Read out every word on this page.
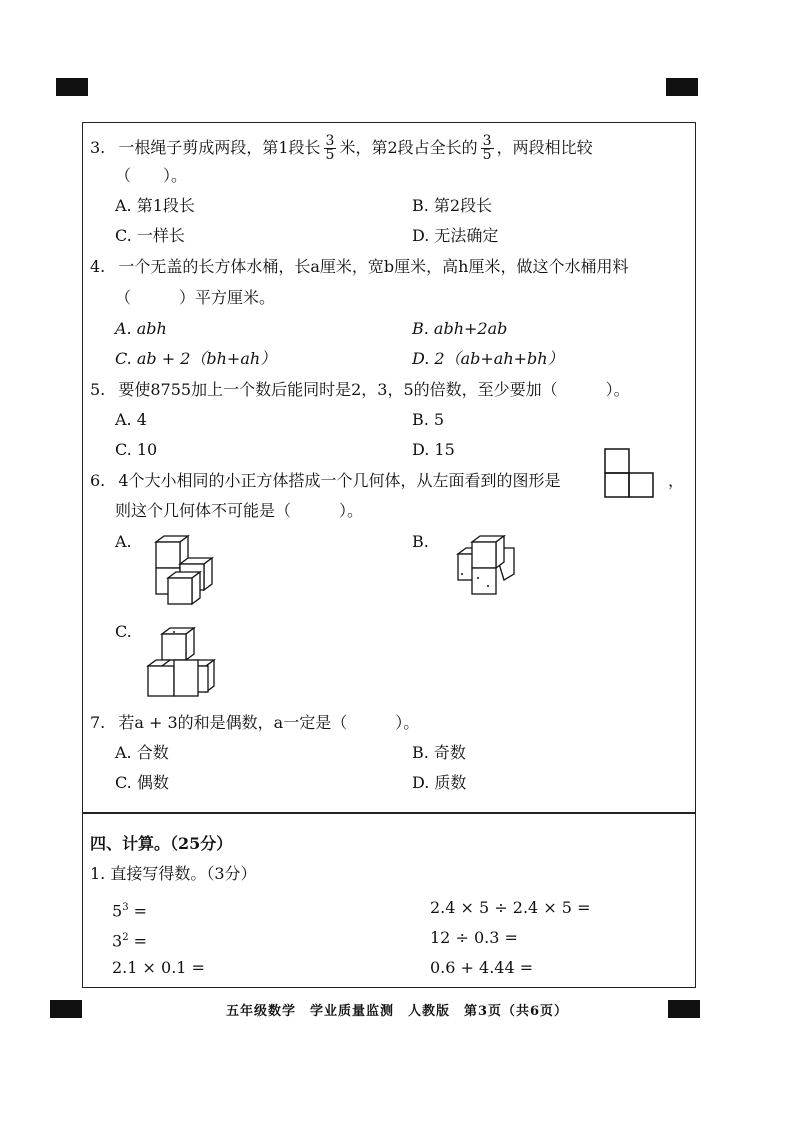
3. 一根绳子剪成两段，第1段长 $\frac{3}{5}$ 米，第2段占全长的 $\frac{3}{5}$ ，两段相比较
（　　）。
A. 第1段长	B. 第2段长
C. 一样长	D. 无法确定
4. 一个无盖的长方体水桶，长a厘米，宽b厘米，高h厘米，做这个水桶用料
（　　　）平方厘米。
A. abh	B. abh+2ab
C. ab + 2（bh+ah）	D. 2（ab+ah+bh）
5. 要使8755加上一个数后能同时是2，3，5的倍数，至少要加（　　　）。
A. 4	B. 5
C. 10	D. 15
6. 4个大小相同的小正方体搭成一个几何体，从左面看到的图形是	，
则这个几何体不可能是（　　　）。
A.	B.
C.
7. 若a + 3的和是偶数，a一定是（　　　）。
A. 合数	B. 奇数
C. 偶数	D. 质数
四、计算。（25分）
1. 直接写得数。（3分）
$5^3$ =	2.4 × 5 ÷ 2.4 × 5 =
$3^2$ =	12 ÷ 0.3 =
2.1 × 0.1 =	0.6 + 4.44 =
五年级数学　学业质量监测　人教版　第3页（共6页）
